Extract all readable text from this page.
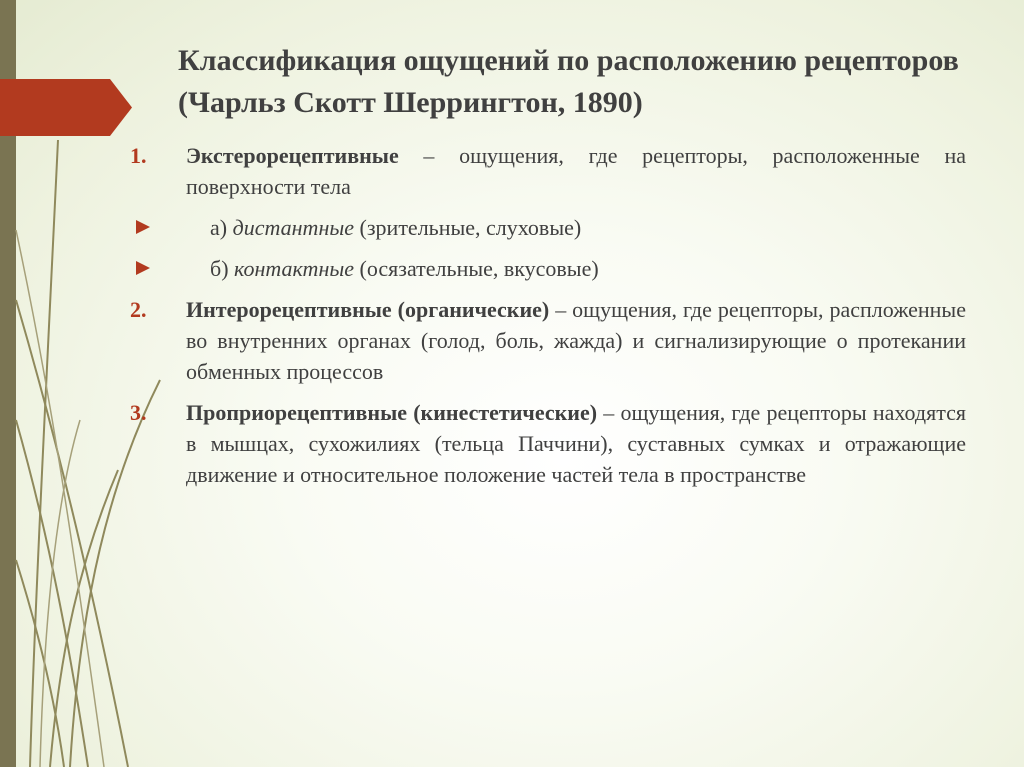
Классификация ощущений по расположению рецепторов (Чарльз Скотт Шеррингтон, 1890)
1. Экстерорецептивные – ощущения, где рецепторы, расположенные на поверхности тела
а) дистантные (зрительные, слуховые)
б) контактные (осязательные, вкусовые)
2. Интерорецептивные (органические) – ощущения, где рецепторы, распложенные во внутренних органах (голод, боль, жажда) и сигнализирующие о протекании обменных процессов
3. Проприорецептивные (кинестетические) – ощущения, где рецепторы находятся в мышцах, сухожилиях (тельца Паччини), суставных сумках и отражающие движение и относительное положение частей тела в пространстве
